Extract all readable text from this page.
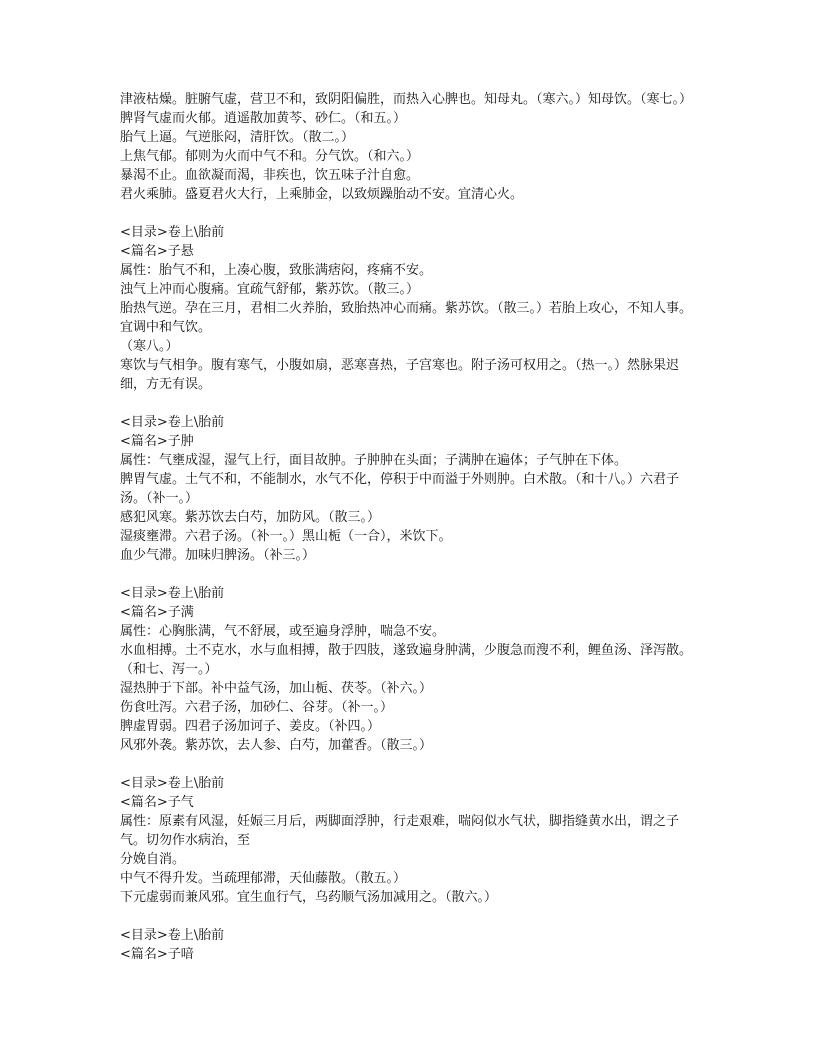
津液枯燥。脏腑气虚，营卫不和，致阴阳偏胜，而热入心脾也。知母丸。（寒六。）知母饮。（寒七。）
脾肾气虚而火郁。逍遥散加黄芩、砂仁。（和五。）
胎气上逼。气逆胀闷，清肝饮。（散二。）
上焦气郁。郁则为火而中气不和。分气饮。（和六。）
暴渴不止。血欲凝而渴，非疾也，饮五味子汁自愈。
君火乘肺。盛夏君火大行，上乘肺金，以致烦躁胎动不安。宜清心火。
<目录>卷上\胎前
<篇名>子悬
属性：胎气不和，上凑心腹，致胀满痞闷，疼痛不安。
浊气上冲而心腹痛。宜疏气舒郁，紫苏饮。（散三。）
胎热气逆。孕在三月，君相二火养胎，致胎热冲心而痛。紫苏饮。（散三。）若胎上攻心，不知人事。宜调中和气饮。
（寒八。）
寒饮与气相争。腹有寒气，小腹如扇，恶寒喜热，子宫寒也。附子汤可权用之。（热一。）然脉果迟细，方无有误。
<目录>卷上\胎前
<篇名>子肿
属性：气壅成湿，湿气上行，面目故肿。子肿肿在头面；子满肿在遍体；子气肿在下体。
脾胃气虚。土气不和，不能制水，水气不化，停积于中而溢于外则肿。白术散。（和十八。）六君子汤。（补一。）
感犯风寒。紫苏饮去白芍，加防风。（散三。）
湿痰壅滞。六君子汤。（补一。）黑山栀（一合），米饮下。
血少气滞。加味归脾汤。（补三。）
<目录>卷上\胎前
<篇名>子满
属性：心胸胀满，气不舒展，或至遍身浮肿，喘急不安。
水血相搏。土不克水，水与血相搏，散于四肢，遂致遍身肿满，少腹急而溲不利，鲤鱼汤、泽泻散。（和七、泻一。）
湿热肿于下部。补中益气汤，加山栀、茯苓。（补六。）
伤食吐泻。六君子汤，加砂仁、谷芽。（补一。）
脾虚胃弱。四君子汤加诃子、姜皮。（补四。）
风邪外袭。紫苏饮，去人参、白芍，加藿香。（散三。）
<目录>卷上\胎前
<篇名>子气
属性：原素有风湿，妊娠三月后，两脚面浮肿，行走艰难，喘闷似水气状，脚指缝黄水出，谓之子气。切勿作水病治，至
分娩自消。
中气不得升发。当疏理郁滞，天仙藤散。（散五。）
下元虚弱而兼风邪。宜生血行气，乌药顺气汤加减用之。（散六。）
<目录>卷上\胎前
<篇名>子喑
